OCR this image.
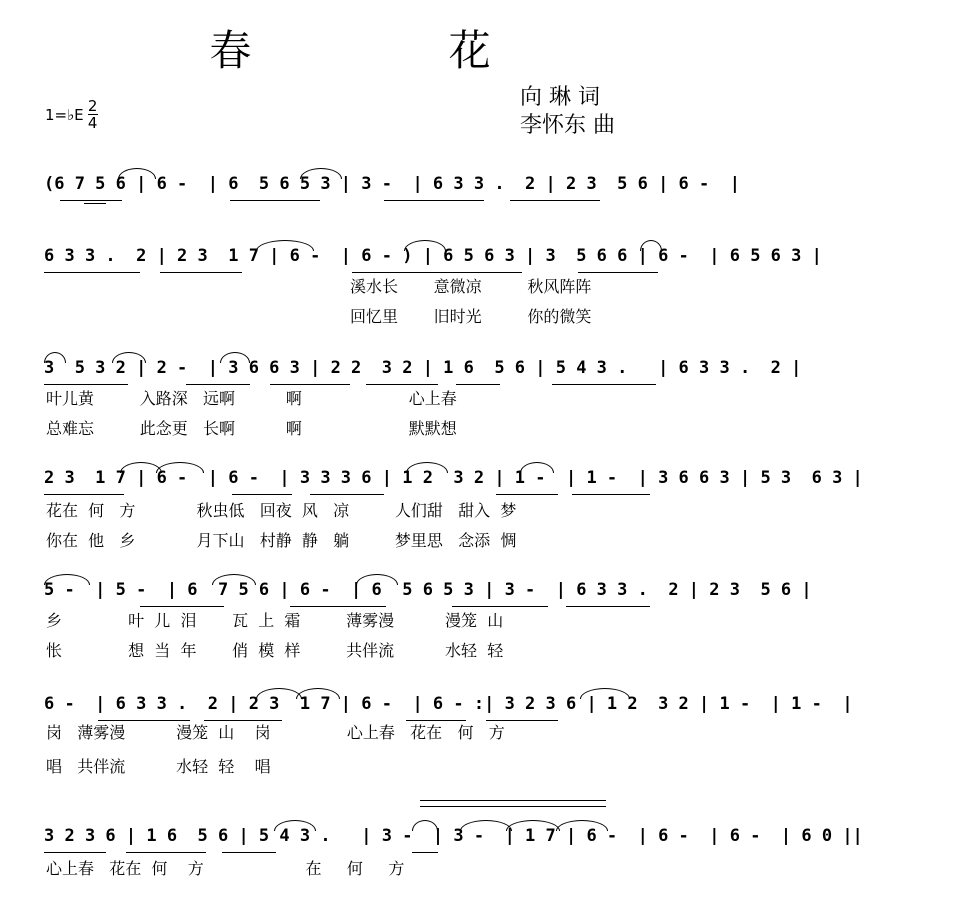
春 花
向 琳 词
李怀东 曲
1=♭E $\frac{2}{4}$
(6 7 5 6 | 6 -  | 6  5 6 5 3 | 3 -  | 6 3 3 .  2 | 2 3  5 6 | 6 -  |
6 3 3 .  2 | 2 3  1 7 | 6 -  | 6 - ) | 6 5 6 3 | 3  5 6 6 | 6 -  | 6 5 6 3 |
溪水长       意微凉         秋风阵阵
回忆里       旧时光         你的微笑
3  5 3 2 | 2 -  | 3 6 6 3 | 2 2  3 2 | 1 6  5 6 | 5 4 3 .   | 6 3 3 .  2 |
叶儿黄         入路深   远啊          啊                     心上春
总难忘         此念更   长啊          啊                     默默想
2 3  1 7 | 6 -  | 6 -  | 3 3 3 6 | 1 2  3 2 | 1 -  | 1 -  | 3 6 6 3 | 5 3  6 3 |
花在  何   方            秋虫低   回夜  风   凉         人们甜   甜入  梦
你在  他   乡            月下山   村静  静   躺         梦里思   念添  惆
5 -  | 5 -  | 6  7 5 6 | 6 -  | 6  5 6 5 3 | 3 -  | 6 3 3 .  2 | 2 3  5 6 |
乡             叶  儿  泪       瓦  上  霜         薄雾漫          漫笼  山
怅             想  当  年       俏  模  样         共伴流          水轻  轻
6 -  | 6 3 3 .  2 | 2 3  1 7 | 6 -  | 6 - :| 3 2 3 6 | 1 2  3 2 | 1 -  | 1 -  |
岗   薄雾漫          漫笼  山    岗               心上春   花在   何   方
唱   共伴流          水轻  轻    唱
3 2 3 6 | 1 6  5 6 | 5 4 3 .   | 3 -  | 3 -  | 1 7 | 6 -  | 6 -  | 6 -  | 6 0 ||
心上春   花在  何    方                    在     何     方
